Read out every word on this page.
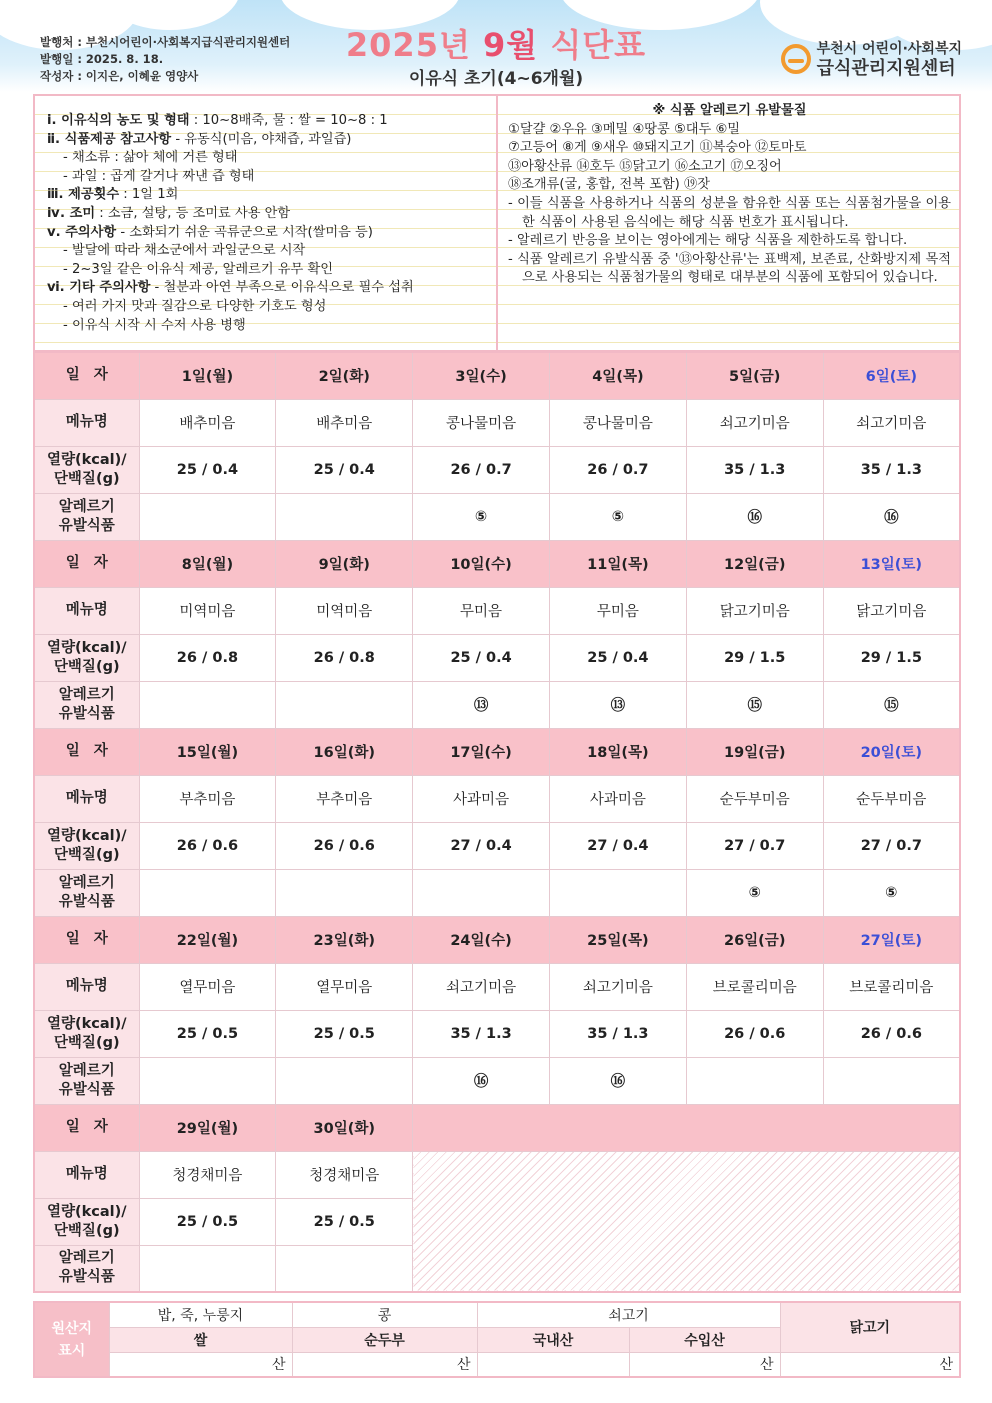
발행처 : 부천시어린이·사회복지급식관리지원센터
발행일 : 2025. 8. 18.
작성자 : 이지은, 이혜윤 영양사
2025년 9월 식단표
이유식 초기(4~6개월)
부천시 어린이·사회복지
급식관리지원센터
ⅰ. 이유식의 농도 및 형태 : 10~8배죽, 물 : 쌀 = 10~8 : 1
ⅱ. 식품제공 참고사항 - 유동식(미음, 야채즙, 과일즙)
- 채소류 : 삶아 체에 거른 형태
- 과일 : 곱게 갈거나 짜낸 즙 형태
ⅲ. 제공횟수 : 1일 1회
ⅳ. 조미 : 소금, 설탕, 등 조미료 사용 안함
ⅴ. 주의사항 - 소화되기 쉬운 곡류군으로 시작(쌀미음 등)
- 발달에 따라 채소군에서 과일군으로 시작
- 2~3일 같은 이유식 제공, 알레르기 유무 확인
ⅵ. 기타 주의사항 - 철분과 아연 부족으로 이유식으로 필수 섭취
- 여러 가지 맛과 질감으로 다양한 기호도 형성
- 이유식 시작 시 수저 사용 병행
※ 식품 알레르기 유발물질
①달걀 ②우유 ③메밀 ④땅콩 ⑤대두 ⑥밀
⑦고등어 ⑧게 ⑨새우 ⑩돼지고기 ⑪복숭아 ⑫토마토
⑬아황산류 ⑭호두 ⑮닭고기 ⑯소고기 ⑰오징어
⑱조개류(굴, 홍합, 전복 포함) ⑲잣
- 이들 식품을 사용하거나 식품의 성분을 함유한 식품 또는 식품첨가물을 이용한 식품이 사용된 음식에는 해당 식품 번호가 표시됩니다.
- 알레르기 반응을 보이는 영아에게는 해당 식품을 제한하도록 합니다.
- 식품 알레르기 유발식품 중 '⑬아황산류'는 표백제, 보존료, 산화방지제 목적으로 사용되는 식품첨가물의 형태로 대부분의 식품에 포함되어 있습니다.
일자	1일(월)	2일(화)	3일(수)	4일(목)	5일(금)	6일(토)
메뉴명	배추미음	배추미음	콩나물미음	콩나물미음	쇠고기미음	쇠고기미음

열량(kcal)/
단백질(g)	25 / 0.4	25 / 0.4	26 / 0.7	26 / 0.7	35 / 1.3	35 / 1.3

알레르기
유발식품			⑤	⑤	⑯	⑯
일자	8일(월)	9일(화)	10일(수)	11일(목)	12일(금)	13일(토)
메뉴명	미역미음	미역미음	무미음	무미음	닭고기미음	닭고기미음

열량(kcal)/
단백질(g)	26 / 0.8	26 / 0.8	25 / 0.4	25 / 0.4	29 / 1.5	29 / 1.5

알레르기
유발식품			⑬	⑬	⑮	⑮
일자	15일(월)	16일(화)	17일(수)	18일(목)	19일(금)	20일(토)
메뉴명	부추미음	부추미음	사과미음	사과미음	순두부미음	순두부미음

열량(kcal)/
단백질(g)	26 / 0.6	26 / 0.6	27 / 0.4	27 / 0.4	27 / 0.7	27 / 0.7

알레르기
유발식품					⑤	⑤
일자	22일(월)	23일(화)	24일(수)	25일(목)	26일(금)	27일(토)
메뉴명	열무미음	열무미음	쇠고기미음	쇠고기미음	브로콜리미음	브로콜리미음

열량(kcal)/
단백질(g)	25 / 0.5	25 / 0.5	35 / 1.3	35 / 1.3	26 / 0.6	26 / 0.6

알레르기
유발식품			⑯	⑯		
일자	29일(월)	30일(화)				
메뉴명	청경채미음	청경채미음				

열량(kcal)/
단백질(g)	25 / 0.5	25 / 0.5				

알레르기
유발식품						

원산지
표시	밥, 죽, 누룽지	콩	쇠고기		닭고기
	쌀	순두부	국내산	수입산	
	산	산		산	산
